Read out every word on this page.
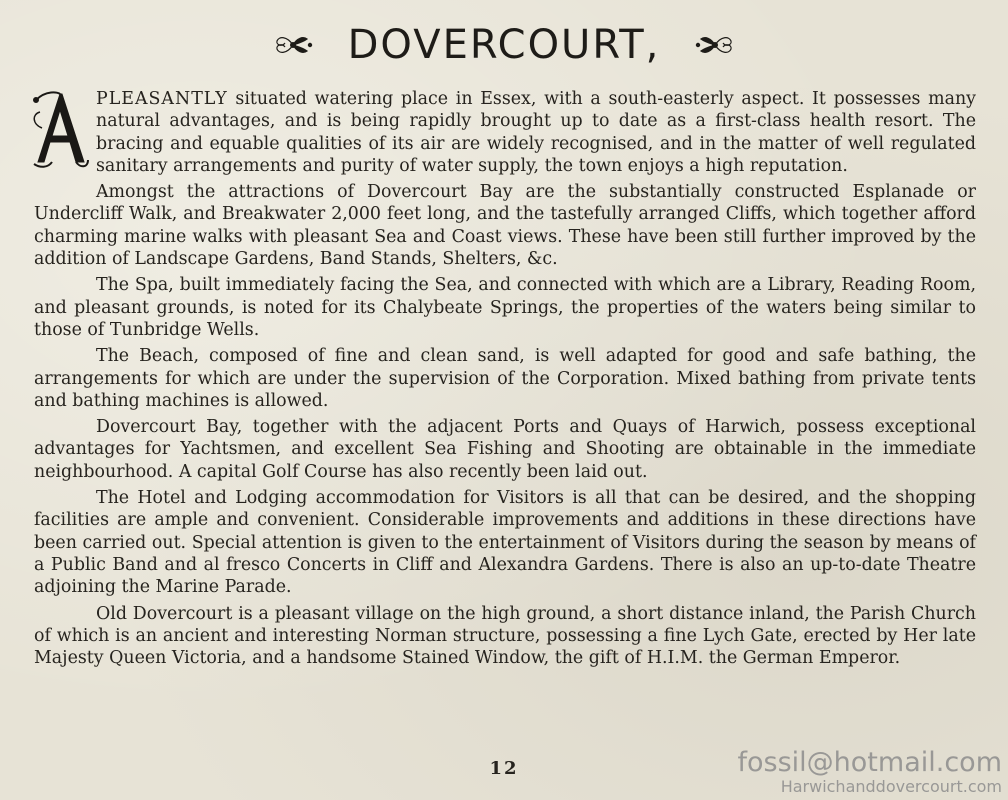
DOVERCOURT,

PLEASANTLY situated watering place in Essex, with a south-easterly aspect. It possesses many natural advantages, and is being rapidly brought up to date as a first-class health resort. The bracing and equable qualities of its air are widely recognised, and in the matter of well regulated sanitary arrangements and purity of water supply, the town enjoys a high reputation.

Amongst the attractions of Dovercourt Bay are the substantially constructed Esplanade or Undercliff Walk, and Breakwater 2,000 feet long, and the tastefully arranged Cliffs, which together afford charming marine walks with pleasant Sea and Coast views. These have been still further improved by the addition of Landscape Gardens, Band Stands, Shelters, &c.

The Spa, built immediately facing the Sea, and connected with which are a Library, Reading Room, and pleasant grounds, is noted for its Chalybeate Springs, the properties of the waters being similar to those of Tunbridge Wells.

The Beach, composed of fine and clean sand, is well adapted for good and safe bathing, the arrangements for which are under the supervision of the Corporation. Mixed bathing from private tents and bathing machines is allowed.

Dovercourt Bay, together with the adjacent Ports and Quays of Harwich, possess exceptional advantages for Yachtsmen, and excellent Sea Fishing and Shooting are obtainable in the immediate neighbourhood. A capital Golf Course has also recently been laid out.

The Hotel and Lodging accommodation for Visitors is all that can be desired, and the shopping facilities are ample and convenient. Considerable improvements and additions in these directions have been carried out. Special attention is given to the entertainment of Visitors during the season by means of a Public Band and al fresco Concerts in Cliff and Alexandra Gardens. There is also an up-to-date Theatre adjoining the Marine Parade.

Old Dovercourt is a pleasant village on the high ground, a short distance inland, the Parish Church of which is an ancient and interesting Norman structure, possessing a fine Lych Gate, erected by Her late Majesty Queen Victoria, and a handsome Stained Window, the gift of H.I.M. the German Emperor.

12	fossil@hotmail.com
Harwichanddovercourt.com
